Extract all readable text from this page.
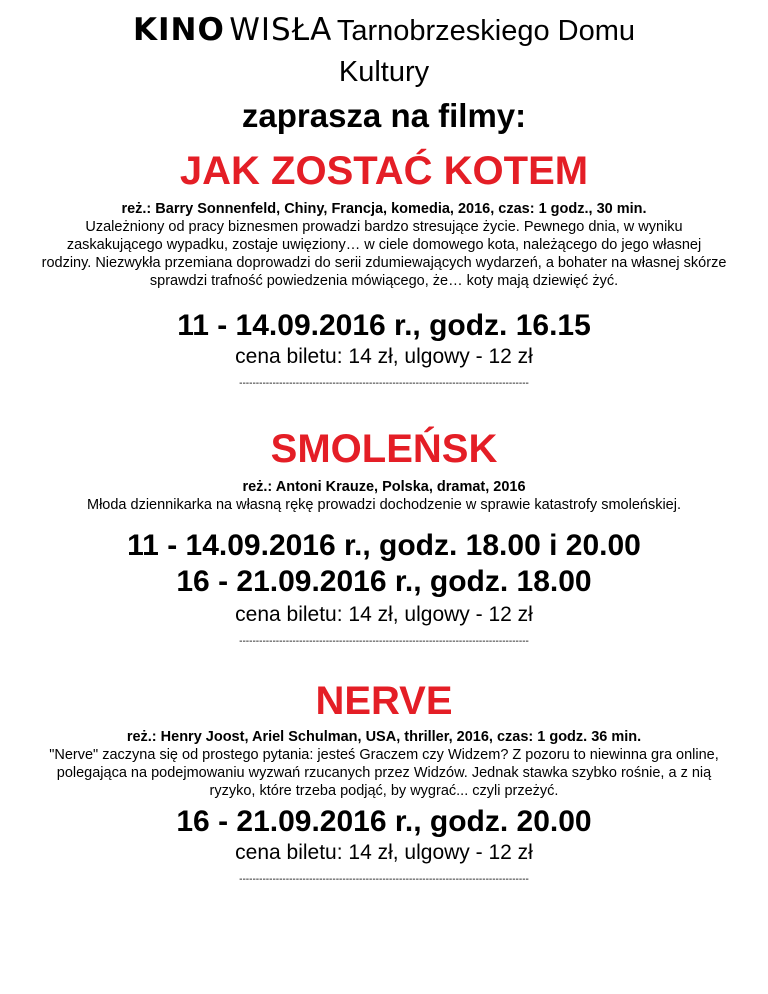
KINO WISŁA Tarnobrzeskiego Domu

Kultury

zaprasza na filmy:

JAK ZOSTAĆ KOTEM

reż.: Barry Sonnenfeld, Chiny, Francja, komedia, 2016, czas: 1 godz., 30 min.

Uzależniony od pracy biznesmen prowadzi bardzo stresujące życie. Pewnego dnia, w wyniku zaskakującego wypadku, zostaje uwięziony… w ciele domowego kota, należącego do jego własnej rodziny. Niezwykła przemiana doprowadzi do serii zdumiewających wydarzeń, a bohater na własnej skórze sprawdzi trafność powiedzenia mówiącego, że… koty mają dziewięć żyć.

11 - 14.09.2016 r., godz. 16.15

cena biletu: 14 zł, ulgowy - 12 zł

---------------------------------------------------------------------------------------

SMOLEŃSK

reż.: Antoni Krauze, Polska, dramat, 2016

Młoda dziennikarka na własną rękę prowadzi dochodzenie w sprawie katastrofy smoleńskiej.

11 - 14.09.2016 r., godz. 18.00 i 20.00

16 - 21.09.2016 r., godz. 18.00

cena biletu: 14 zł, ulgowy - 12 zł

---------------------------------------------------------------------------------------

NERVE

reż.: Henry Joost, Ariel Schulman, USA, thriller, 2016, czas: 1 godz. 36 min.

"Nerve" zaczyna się od prostego pytania: jesteś Graczem czy Widzem? Z pozoru to niewinna gra online, polegająca na podejmowaniu wyzwań rzucanych przez Widzów. Jednak stawka szybko rośnie, a z nią ryzyko, które trzeba podjąć, by wygrać... czyli przeżyć.

16 - 21.09.2016 r., godz. 20.00

cena biletu: 14 zł, ulgowy - 12 zł

---------------------------------------------------------------------------------------
